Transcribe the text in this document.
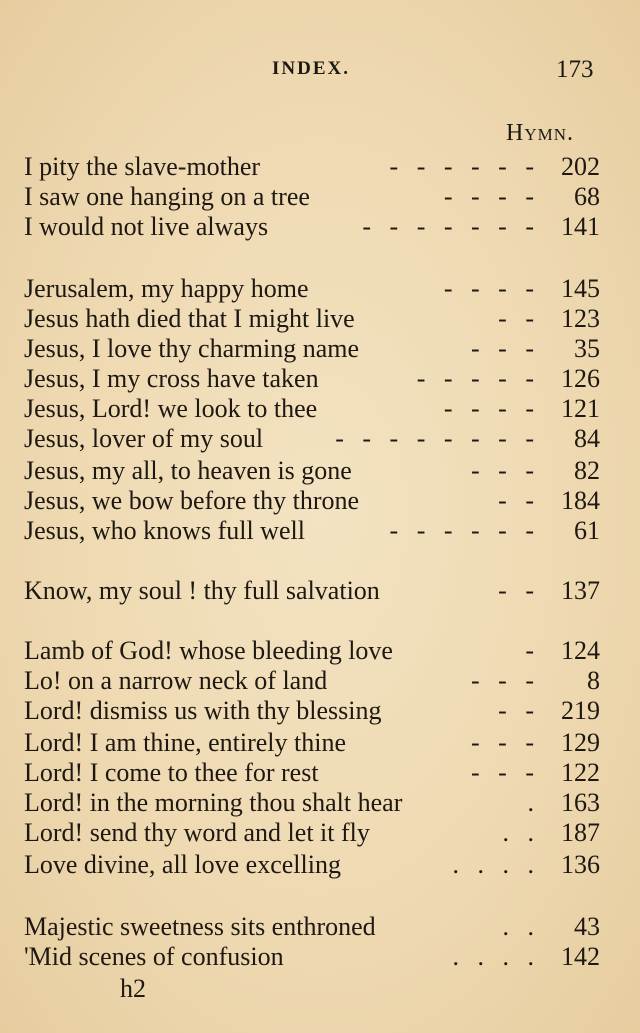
INDEX.	173
Hymn.
I pity the slave-mother	- - - - - - 202
I saw one hanging on a tree	- - - - 68
I would not live always	- - - - - - - 141
Jerusalem, my happy home	- - - - 145
Jesus hath died that I might live	- - 123
Jesus, I love thy charming name	- - - 35
Jesus, I my cross have taken	- - - - - 126
Jesus, Lord! we look to thee	- - - - 121
Jesus, lover of my soul	- - - - - - - - 84
Jesus, my all, to heaven is gone	- - - 82
Jesus, we bow before thy throne	- - 184
Jesus, who knows full well	- - - - - - 61
Know, my soul ! thy full salvation	- - 137
Lamb of God! whose bleeding love	- 124
Lo! on a narrow neck of land	- - - 8
Lord! dismiss us with thy blessing	- - 219
Lord! I am thine, entirely thine	- - - 129
Lord! I come to thee for rest	- - - 122
Lord! in the morning thou shalt hear	. 163
Lord! send thy word and let it fly	. . 187
Love divine, all love excelling	. . . . 136
Majestic sweetness sits enthroned	. . 43
'Mid scenes of confusion	. . . . 142
h2
